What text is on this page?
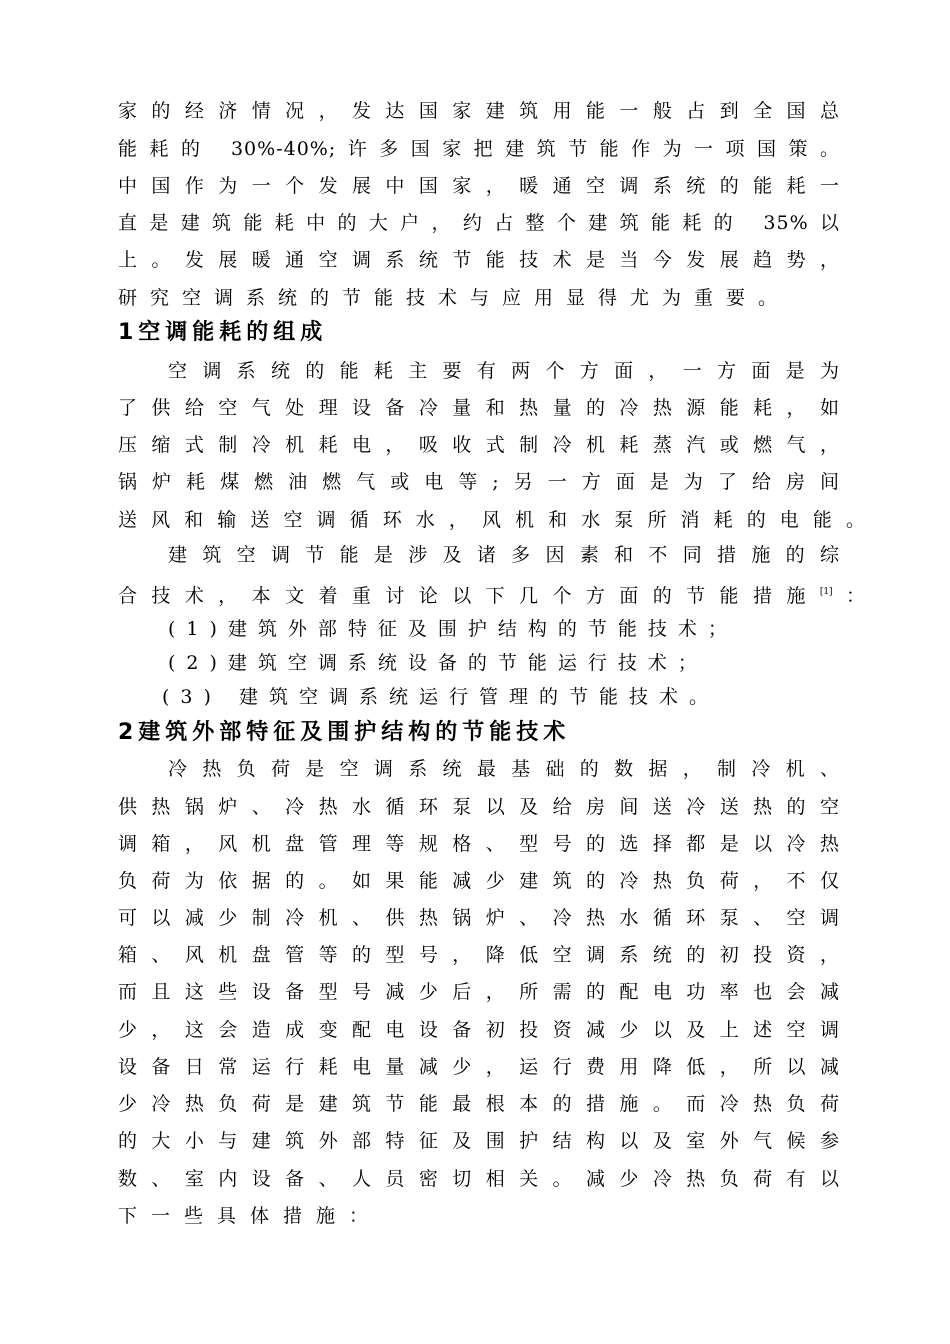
家的经济情况，发达国家建筑用能一般占到全国总
能耗的 30%-40%;许多国家把建筑节能作为一项国策。
中国作为一个发展中国家，暖通空调系统的能耗一
直是建筑能耗中的大户，约占整个建筑能耗的 35%以
上。发展暖通空调系统节能技术是当今发展趋势，
研究空调系统的节能技术与应用显得尤为重要。
1空调能耗的组成
空调系统的能耗主要有两个方面，一方面是为
了供给空气处理设备冷量和热量的冷热源能耗，如
压缩式制冷机耗电，吸收式制冷机耗蒸汽或燃气，
锅炉耗煤燃油燃气或电等;另一方面是为了给房间
送风和输送空调循环水，风机和水泵所消耗的电能。
建筑空调节能是涉及诸多因素和不同措施的综
合技术，本文着重讨论以下几个方面的节能措施[1]：
(1)建筑外部特征及围护结构的节能技术；
(2)建筑空调系统设备的节能运行技术；
(3) 建筑空调系统运行管理的节能技术。
2建筑外部特征及围护结构的节能技术
冷热负荷是空调系统最基础的数据，制冷机、
供热锅炉、冷热水循环泵以及给房间送冷送热的空
调箱，风机盘管理等规格、型号的选择都是以冷热
负荷为依据的。如果能减少建筑的冷热负荷，不仅
可以减少制冷机、供热锅炉、冷热水循环泵、空调
箱、风机盘管等的型号，降低空调系统的初投资，
而且这些设备型号减少后，所需的配电功率也会减
少，这会造成变配电设备初投资减少以及上述空调
设备日常运行耗电量减少，运行费用降低，所以减
少冷热负荷是建筑节能最根本的措施。而冷热负荷
的大小与建筑外部特征及围护结构以及室外气候参
数、室内设备、人员密切相关。减少冷热负荷有以
下一些具体措施：
